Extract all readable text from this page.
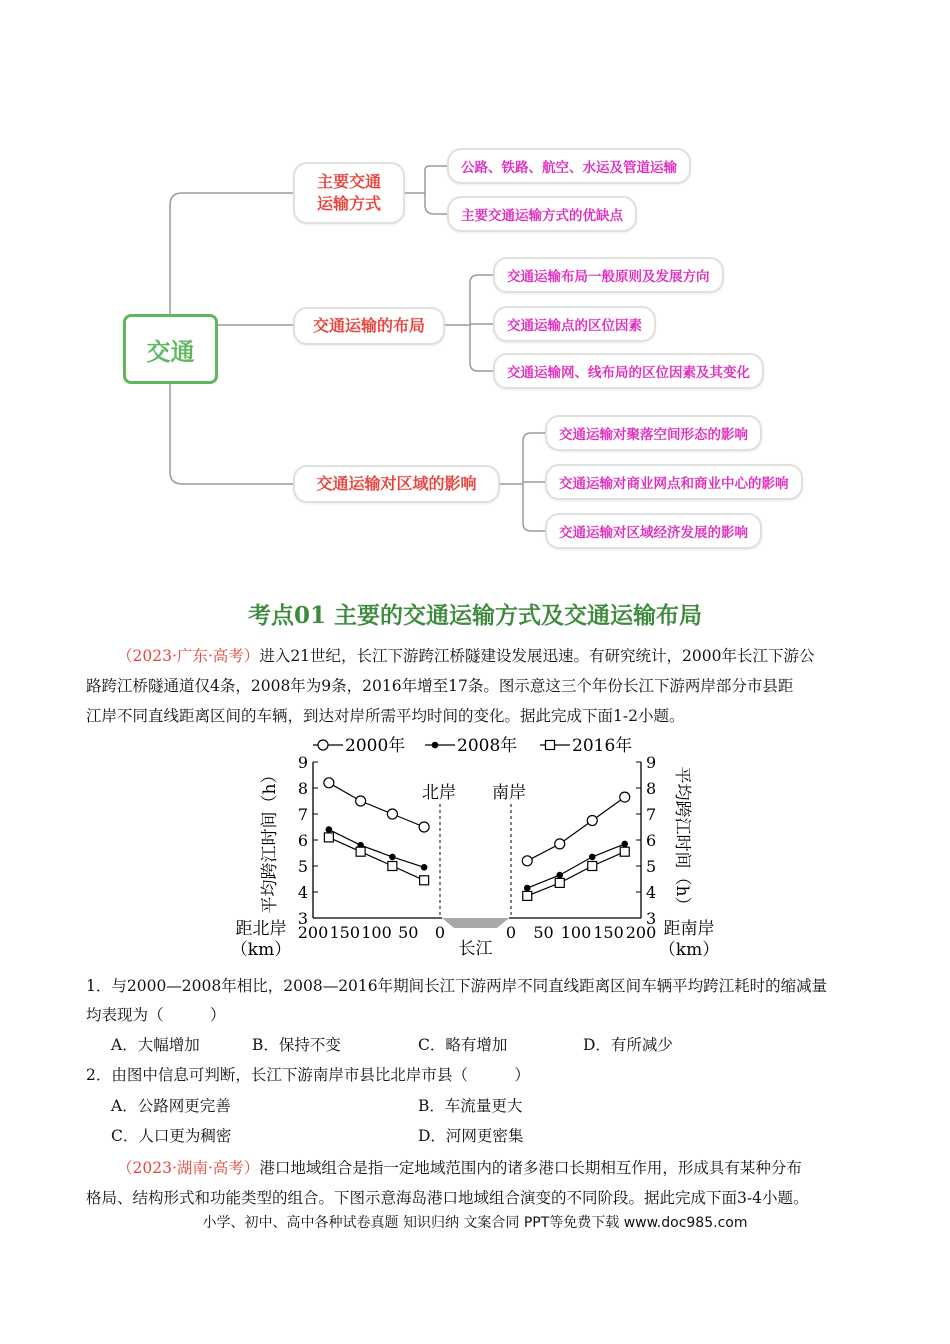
交通
主要交通
运输方式
交通运输的布局
交通运输对区域的影响
公路、铁路、航空、水运及管道运输
主要交通运输方式的优缺点
交通运输布局一般原则及发展方向
交通运输点的区位因素
交通运输网、线布局的区位因素及其变化
交通运输对聚落空间形态的影响
交通运输对商业网点和商业中心的影响
交通运输对区域经济发展的影响
考点01 主要的交通运输方式及交通运输布局
（2023·广东·高考）进入21世纪，长江下游跨江桥隧建设发展迅速。有研究统计，2000年长江下游公
路跨江桥隧通道仅4条，2008年为9条，2016年增至17条。图示意这三个年份长江下游两岸部分市县距
江岸不同直线距离区间的车辆，到达对岸所需平均时间的变化。据此完成下面1-2小题。
长江
北岸 南岸
3	3
4	4
5	5
6	6
7	7
8	8
9	9
200 150 100 50 0	0 50 100 150 200
平均跨江时间（h）	平均跨江时间（h）
距北岸
（km）
距南岸
（km）
2000年	2008年	2016年
1．与2000—2008年相比，2008—2016年期间长江下游两岸不同直线距离区间车辆平均跨江耗时的缩减量
均表现为（　　　）
A．大幅增加	B．保持不变	C．略有增加	D．有所减少
2．由图中信息可判断，长江下游南岸市县比北岸市县（　　　）
A．公路网更完善	B．车流量更大
C．人口更为稠密	D．河网更密集
（2023·湖南·高考）港口地域组合是指一定地域范围内的诸多港口长期相互作用，形成具有某种分布
格局、结构形式和功能类型的组合。下图示意海岛港口地域组合演变的不同阶段。据此完成下面3-4小题。
小学、初中、高中各种试卷真题 知识归纳 文案合同 PPT等免费下载 www.doc985.com
